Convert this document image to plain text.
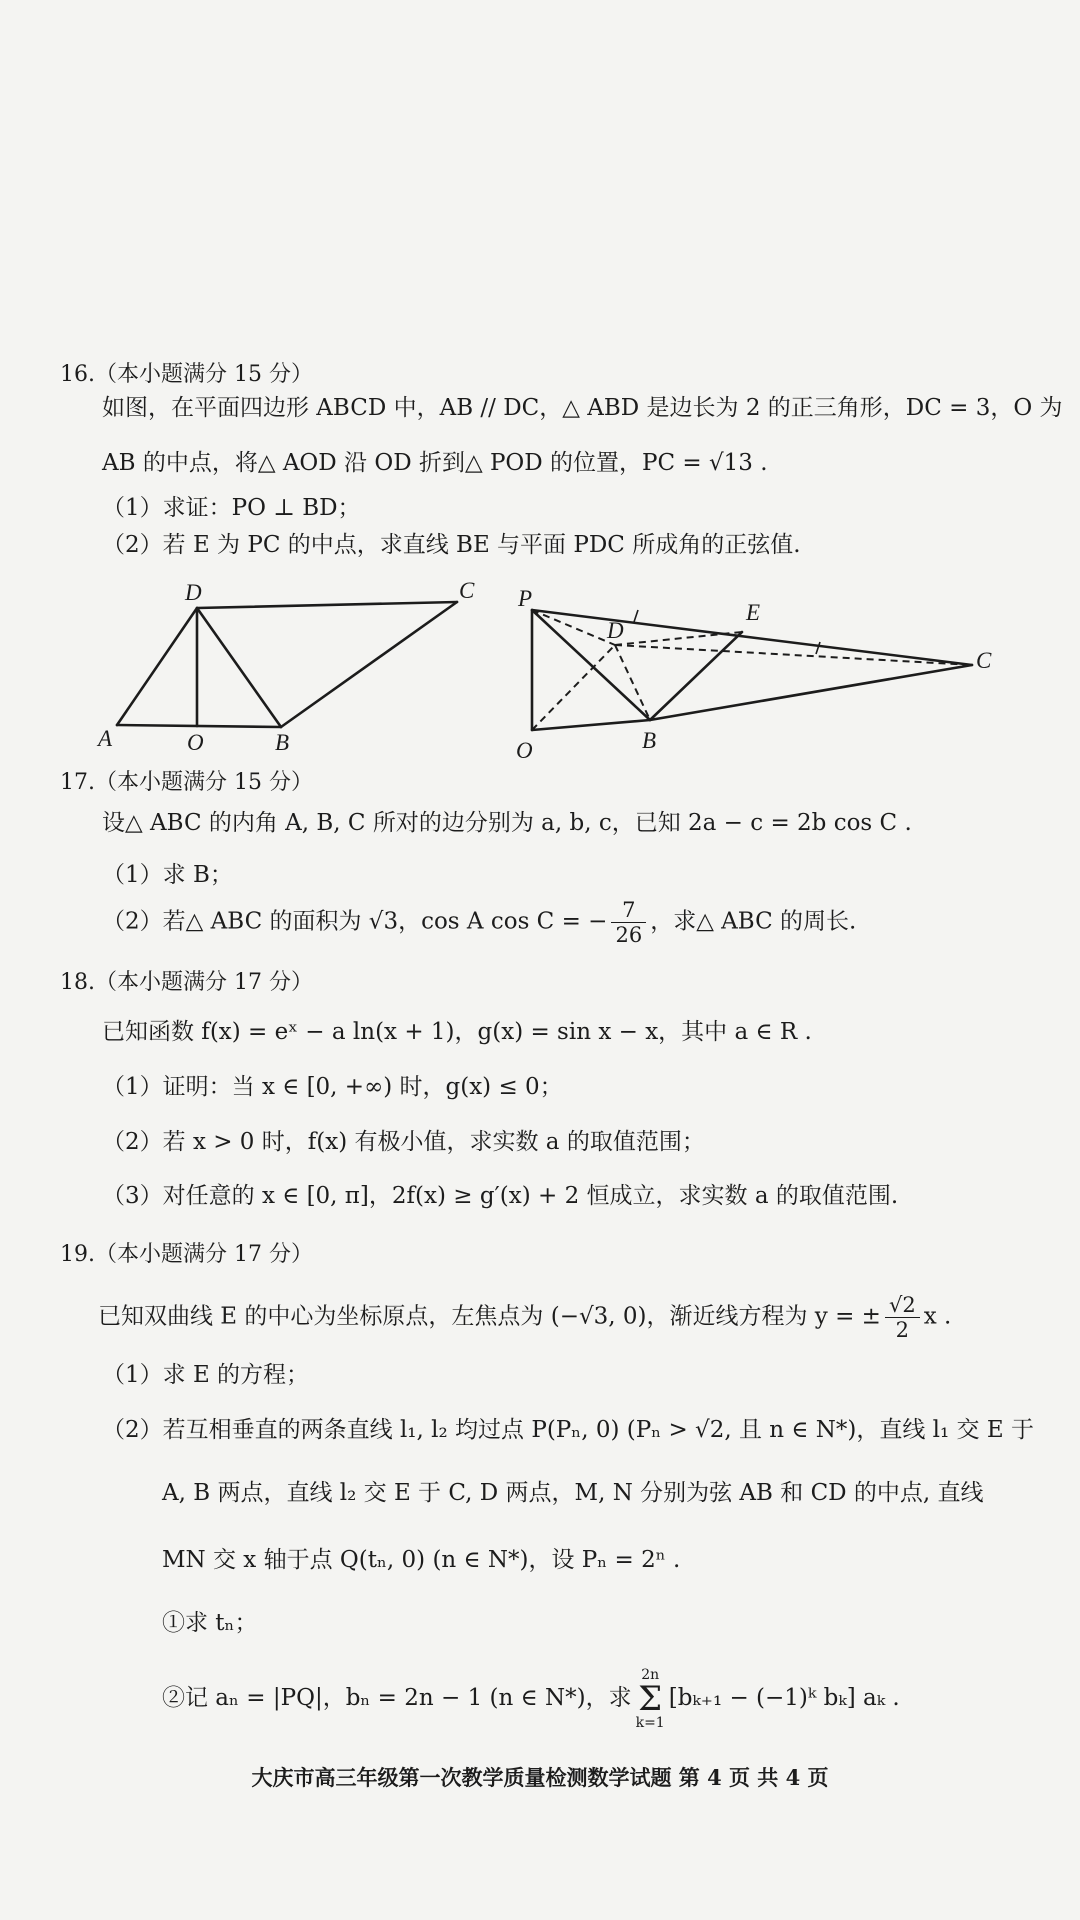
16.（本小题满分 15 分）
如图，在平面四边形 ABCD 中，AB // DC，△ ABD 是边长为 2 的正三角形，DC = 3，O 为
AB 的中点，将△ AOD 沿 OD 折到△ POD 的位置，PC = √13 .
（1）求证：PO ⊥ BD；
（2）若 E 为 PC 的中点，求直线 BE 与平面 PDC 所成角的正弦值.
D	C
A	O	B
P
D
E
O	B
C
17.（本小题满分 15 分）
设△ ABC 的内角 A, B, C 所对的边分别为 a, b, c，已知 2a − c = 2b cos C .
（1）求 B；
（2）若△ ABC 的面积为 √3，cos A cos C = − $\frac{7}{26}$ ，求△ ABC 的周长.
18.（本小题满分 17 分）
已知函数 f(x) = eˣ − a ln(x + 1)，g(x) = sin x − x，其中 a ∈ R .
（1）证明：当 x ∈ [0, +∞) 时，g(x) ≤ 0；
（2）若 x > 0 时，f(x) 有极小值，求实数 a 的取值范围；
（3）对任意的 x ∈ [0, π]，2f(x) ≥ g′(x) + 2 恒成立，求实数 a 的取值范围.
19.（本小题满分 17 分）
已知双曲线 E 的中心为坐标原点，左焦点为 (−√3, 0)，渐近线方程为 y = ± $\frac{√2}{2}$ x .
（1）求 E 的方程；
（2）若互相垂直的两条直线 l₁, l₂ 均过点 P(Pₙ, 0) (Pₙ > √2, 且 n ∈ N*)，直线 l₁ 交 E 于
A, B 两点，直线 l₂ 交 E 于 C, D 两点，M, N 分别为弦 AB 和 CD 的中点, 直线
MN 交 x 轴于点 Q(tₙ, 0) (n ∈ N*)，设 Pₙ = 2ⁿ .
①求 tₙ；
②记 aₙ = |PQ|，bₙ = 2n − 1 (n ∈ N*)，求2n
Σ
k=1[bₖ₊₁ − (−1)ᵏ bₖ] aₖ .
大庆市高三年级第一次教学质量检测数学试题 第 4 页 共 4 页
